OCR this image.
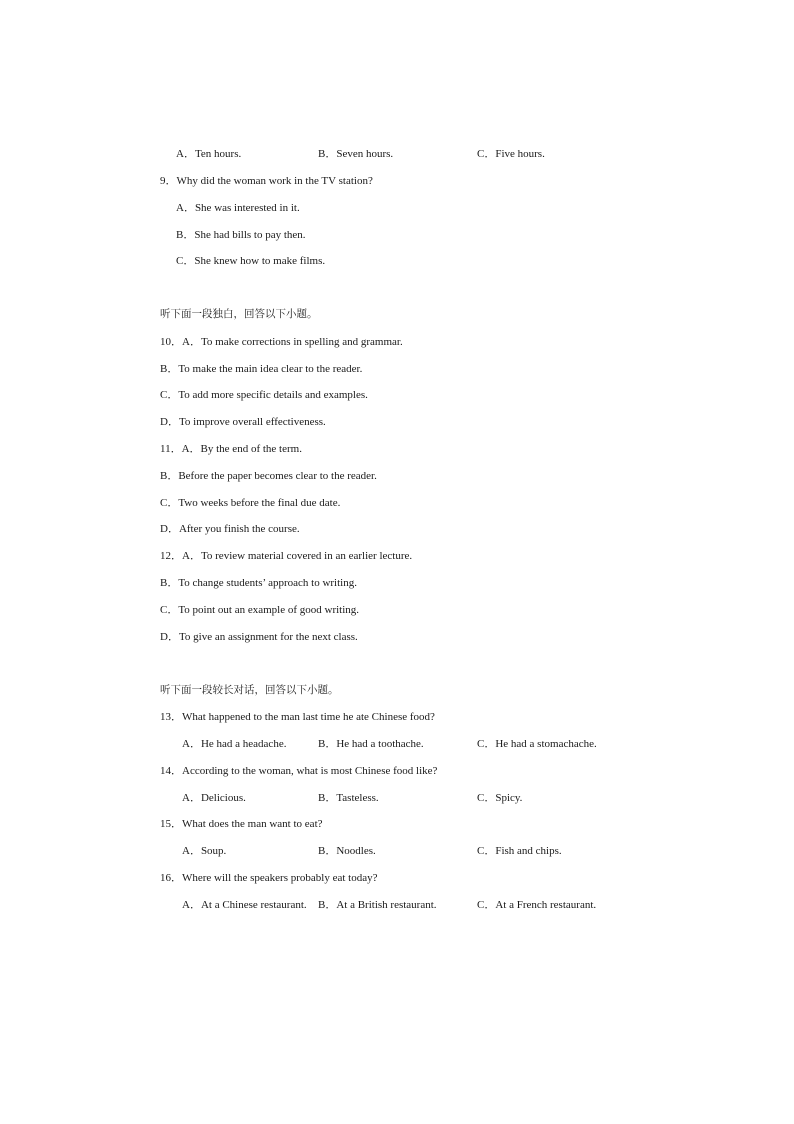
A．Ten hours.	B．Seven hours.	C．Five hours.
9．Why did the woman work in the TV station?
A．She was interested in it.
B．She had bills to pay then.
C．She knew how to make films.
听下面一段独白，回答以下小题。
10．A．To make corrections in spelling and grammar.
B．To make the main idea clear to the reader.
C．To add more specific details and examples.
D．To improve overall effectiveness.
11．A．By the end of the term.
B．Before the paper becomes clear to the reader.
C．Two weeks before the final due date.
D．After you finish the course.
12．A．To review material covered in an earlier lecture.
B．To change students’ approach to writing.
C．To point out an example of good writing.
D．To give an assignment for the next class.
听下面一段较长对话，回答以下小题。
13．What happened to the man last time he ate Chinese food?
A．He had a headache.	B．He had a toothache.	C．He had a stomachache.
14．According to the woman, what is most Chinese food like?
A．Delicious.	B．Tasteless.	C．Spicy.
15．What does the man want to eat?
A．Soup.	B．Noodles.	C．Fish and chips.
16．Where will the speakers probably eat today?
A．At a Chinese restaurant. B．At a British restaurant.	C．At a French restaurant.
